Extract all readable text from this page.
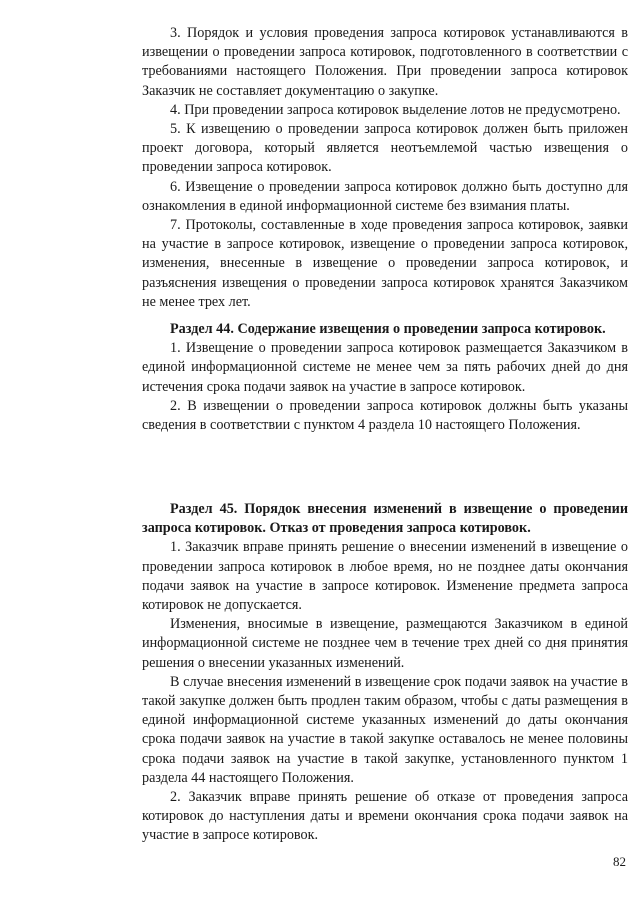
3. Порядок и условия проведения запроса котировок устанавливаются в извещении о проведении запроса котировок, подготовленного в соответствии с требованиями настоящего Положения. При проведении запроса котировок Заказчик не составляет документацию о закупке.

4. При проведении запроса котировок выделение лотов не предусмотрено.

5. К извещению о проведении запроса котировок должен быть приложен проект договора, который является неотъемлемой частью извещения о проведении запроса котировок.

6. Извещение о проведении запроса котировок должно быть доступно для ознакомления в единой информационной системе без взимания платы.

7. Протоколы, составленные в ходе проведения запроса котировок, заявки на участие в запросе котировок, извещение о проведении запроса котировок, изменения, внесенные в извещение о проведении запроса котировок, и разъяснения извещения о проведении запроса котировок хранятся Заказчиком не менее трех лет.

Раздел 44. Содержание извещения о проведении запроса котировок.

1. Извещение о проведении запроса котировок размещается Заказчиком в единой информационной системе не менее чем за пять рабочих дней до дня истечения срока подачи заявок на участие в запросе котировок.

2. В извещении о проведении запроса котировок должны быть указаны сведения в соответствии с пунктом 4 раздела 10 настоящего Положения.

Раздел 45. Порядок внесения изменений в извещение о проведении запроса котировок. Отказ от проведения запроса котировок.

1. Заказчик вправе принять решение о внесении изменений в извещение о проведении запроса котировок в любое время, но не позднее даты окончания подачи заявок на участие в запросе котировок. Изменение предмета запроса котировок не допускается.

Изменения, вносимые в извещение, размещаются Заказчиком в единой информационной системе не позднее чем в течение трех дней со дня принятия решения о внесении указанных изменений.

В случае внесения изменений в извещение срок подачи заявок на участие в такой закупке должен быть продлен таким образом, чтобы с даты размещения в единой информационной системе указанных изменений до даты окончания срока подачи заявок на участие в такой закупке оставалось не менее половины срока подачи заявок на участие в такой закупке, установленного пунктом 1 раздела 44 настоящего Положения.

2. Заказчик вправе принять решение об отказе от проведения запроса котировок до наступления даты и времени окончания срока подачи заявок на участие в запросе котировок.

82
